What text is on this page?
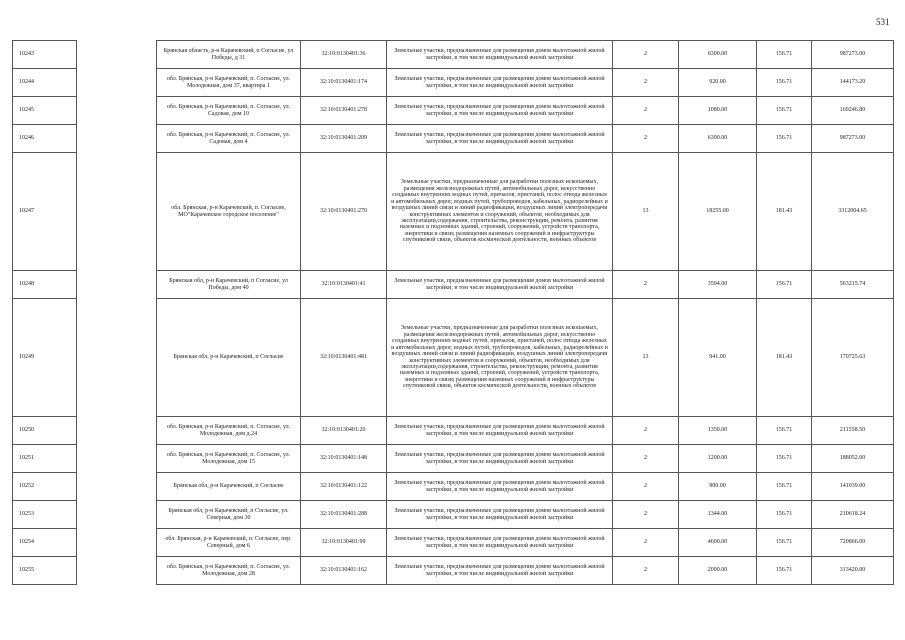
531
10243		Брянская область, р-н Карачевский, п Согласие, ул Победы, д 31	32:10:0130401:36	Земельные участки, предназначенные для размещения домов малоэтажной жилой застройки, в том числе индивидуальной жилой застройки	2	6300.00	156.71	987273.00
10244		обл. Брянская, р-н Карачевский, п. Согласие, ул. Молодежная, дом 37, квартира 1	32:10:0130401:174	Земельные участки, предназначенные для размещения домов малоэтажной жилой застройки, в том числе индивидуальной жилой застройки	2	920.00	156.71	144173.20
10245		обл. Брянская, р-н Карачевский, п. Согласие, ул. Садовая, дом 10	32:10:0130401:278	Земельные участки, предназначенные для размещения домов малоэтажной жилой застройки, в том числе индивидуальной жилой застройки	2	1080.00	156.71	169246.80
10246		обл. Брянская, р-н Карачевский, п. Согласие, ул. Садовая, дом 4	32:10:0130401:209	Земельные участки, предназначенные для размещения домов малоэтажной жилой застройки, в том числе индивидуальной жилой застройки	2	6300.00	156.71	987273.00
10247		обл. Брянская, р-н Карачевский, п. Согласие, МО"Карачевское городское поселение"	32:10:0130401:270	Земельные участки, предназначенные для разработки полезных ископаемых, размещения железнодорожных путей, автомобильных дорог, искусственно созданных внутренних водных путей, причалов, пристаней, полос отвода железных и автомобильных дорог, водных путей, трубопроводов, кабельных, радиорелейных и воздушных линий связи и линий радиофикации, воздушных линий электропередачи конструктивных элементов и сооружений, объектов, необходимых для эксплуатации,содержания, строительства, реконструкции, ремонта, развития наземных и подземных зданий, строений, сооружений, устройств транспорта, энергетики и связи; размещения наземных сооружений и инфраструктуры спутниковой связи, объектов космической деятельности, военных объектов	13	18255.00	181.43	3312004.65
10248		Брянская обл, р-н Карачевский, п Согласие, ул Победы, дом 40	32:10:0130401:41	Земельные участки, предназначенные для размещения домов малоэтажной жилой застройки, в том числе индивидуальной жилой застройки	2	3594.00	156.71	563215.74
10249		Брянская обл, р-н Карачевский, п Согласие	32:10:0130401:481	Земельные участки, предназначенные для разработки полезных ископаемых, размещения железнодорожных путей, автомобильных дорог, искусственно созданных внутренних водных путей, причалов, пристаней, полос отвода железных и автомобильных дорог, водных путей, трубопроводов, кабельных, радиорелейных и воздушных линий связи и линий радиофикации, воздушных линий электропередачи конструктивных элементов и сооружений, объектов, необходимых для эксплуатации,содержания, строительства, реконструкции, ремонта, развития наземных и подземных зданий, строений, сооружений, устройств транспорта, энергетики и связи; размещения наземных сооружений и инфраструктуры спутниковой связи, объектов космической деятельности, военных объектов	13	941.00	181.43	170725.63
10250		обл. Брянская, р-н Карачевский, п. Согласие, ул. Молодежная, дом д.24	32:10:0130401:20	Земельные участки, предназначенные для размещения домов малоэтажной жилой застройки, в том числе индивидуальной жилой застройки	2	1350.00	156.71	211558.50
10251		обл. Брянская, р-н Карачевский, п. Согласие, ул. Молодежная, дом 15	32:10:0130401:148	Земельные участки, предназначенные для размещения домов малоэтажной жилой застройки, в том числе индивидуальной жилой застройки	2	1200.00	156.71	188052.00
10252		Брянская обл, р-н Карачевский, п Согласие	32:10:0130401:122	Земельные участки, предназначенные для размещения домов малоэтажной жилой застройки, в том числе индивидуальной жилой застройки	2	900.00	156.71	141039.00
10253		Брянская обл, р-н Карачевский, п Согласие, ул. Северная, дом 30	32:10:0130401:288	Земельные участки, предназначенные для размещения домов малоэтажной жилой застройки, в том числе индивидуальной жилой застройки	2	1344.00	156.71	210618.24
10254		обл. Брянская, р-н Карачевский, п. Согласие, пер. Северный, дом 6	32:10:0130401:99	Земельные участки, предназначенные для размещения домов малоэтажной жилой застройки, в том числе индивидуальной жилой застройки	2	4600.00	156.71	720866.00
10255		обл. Брянская, р-н Карачевский, п. Согласие, ул. Молодежная, дом 28	32:10:0130401:162	Земельные участки, предназначенные для размещения домов малоэтажной жилой застройки, в том числе индивидуальной жилой застройки	2	2000.00	156.71	313420.00
